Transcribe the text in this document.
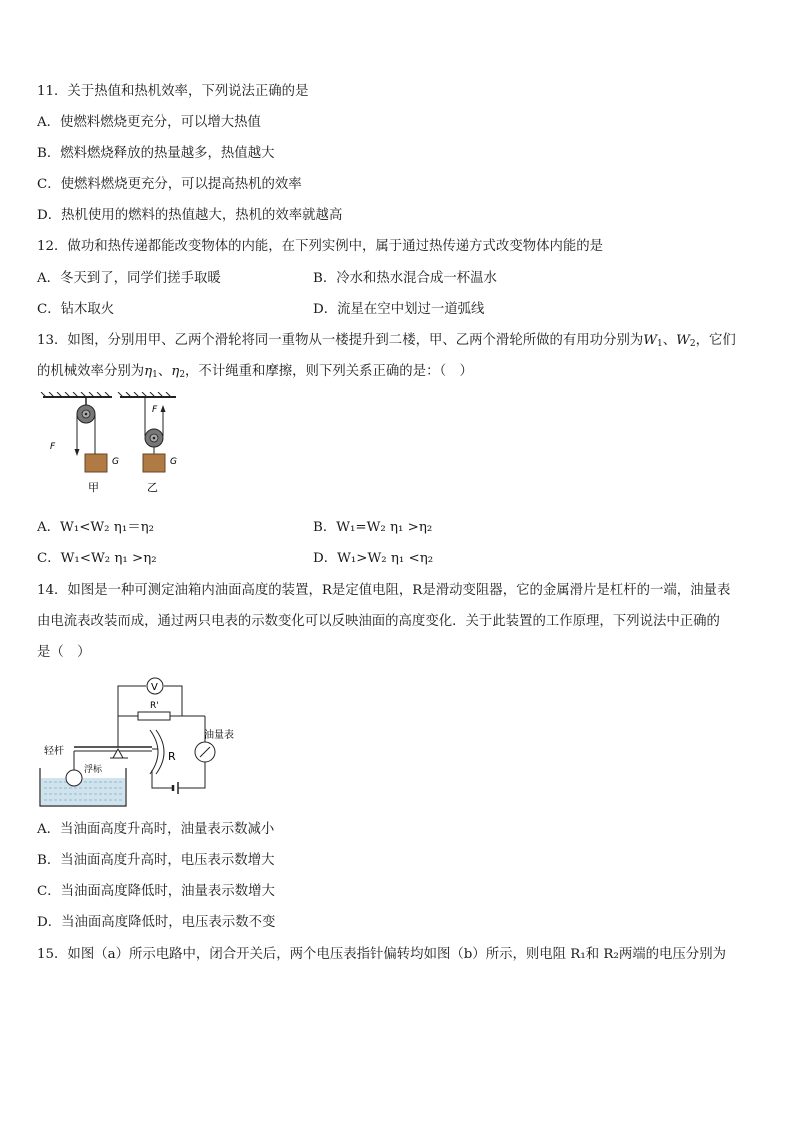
11．关于热值和热机效率，下列说法正确的是
A．使燃料燃烧更充分，可以增大热值
B．燃料燃烧释放的热量越多，热值越大
C．使燃料燃烧更充分，可以提高热机的效率
D．热机使用的燃料的热值越大，热机的效率就越高
12．做功和热传递都能改变物体的内能，在下列实例中，属于通过热传递方式改变物体内能的是
A．冬天到了，同学们搓手取暖	B．冷水和热水混合成一杯温水
C．钻木取火	D．流星在空中划过一道弧线
13．如图，分别用甲、乙两个滑轮将同一重物从一楼提升到二楼，甲、乙两个滑轮所做的有用功分别为$W_1$、$W_2$，它们
的机械效率分别为$\eta_1$、$\eta_2$，不计绳重和摩擦，则下列关系正确的是：（　）
F
G
甲
F
G
乙
A．W₁<W₂ η₁＝η₂	B．W₁=W₂ η₁ >η₂
C．W₁<W₂ η₁ >η₂	D．W₁>W₂ η₁ <η₂
14．如图是一种可测定油箱内油面高度的装置，R是定值电阻，R是滑动变阻器，它的金属滑片是杠杆的一端，油量表
由电流表改装而成，通过两只电表的示数变化可以反映油面的高度变化．关于此装置的工作原理，下列说法中正确的
是（　）
V
R'
油量表
R
轻杆
浮标
A．当油面高度升高时，油量表示数减小
B．当油面高度升高时，电压表示数增大
C．当油面高度降低时，油量表示数增大
D．当油面高度降低时，电压表示数不变
15．如图（a）所示电路中，闭合开关后，两个电压表指针偏转均如图（b）所示，则电阻 R₁和 R₂两端的电压分别为
